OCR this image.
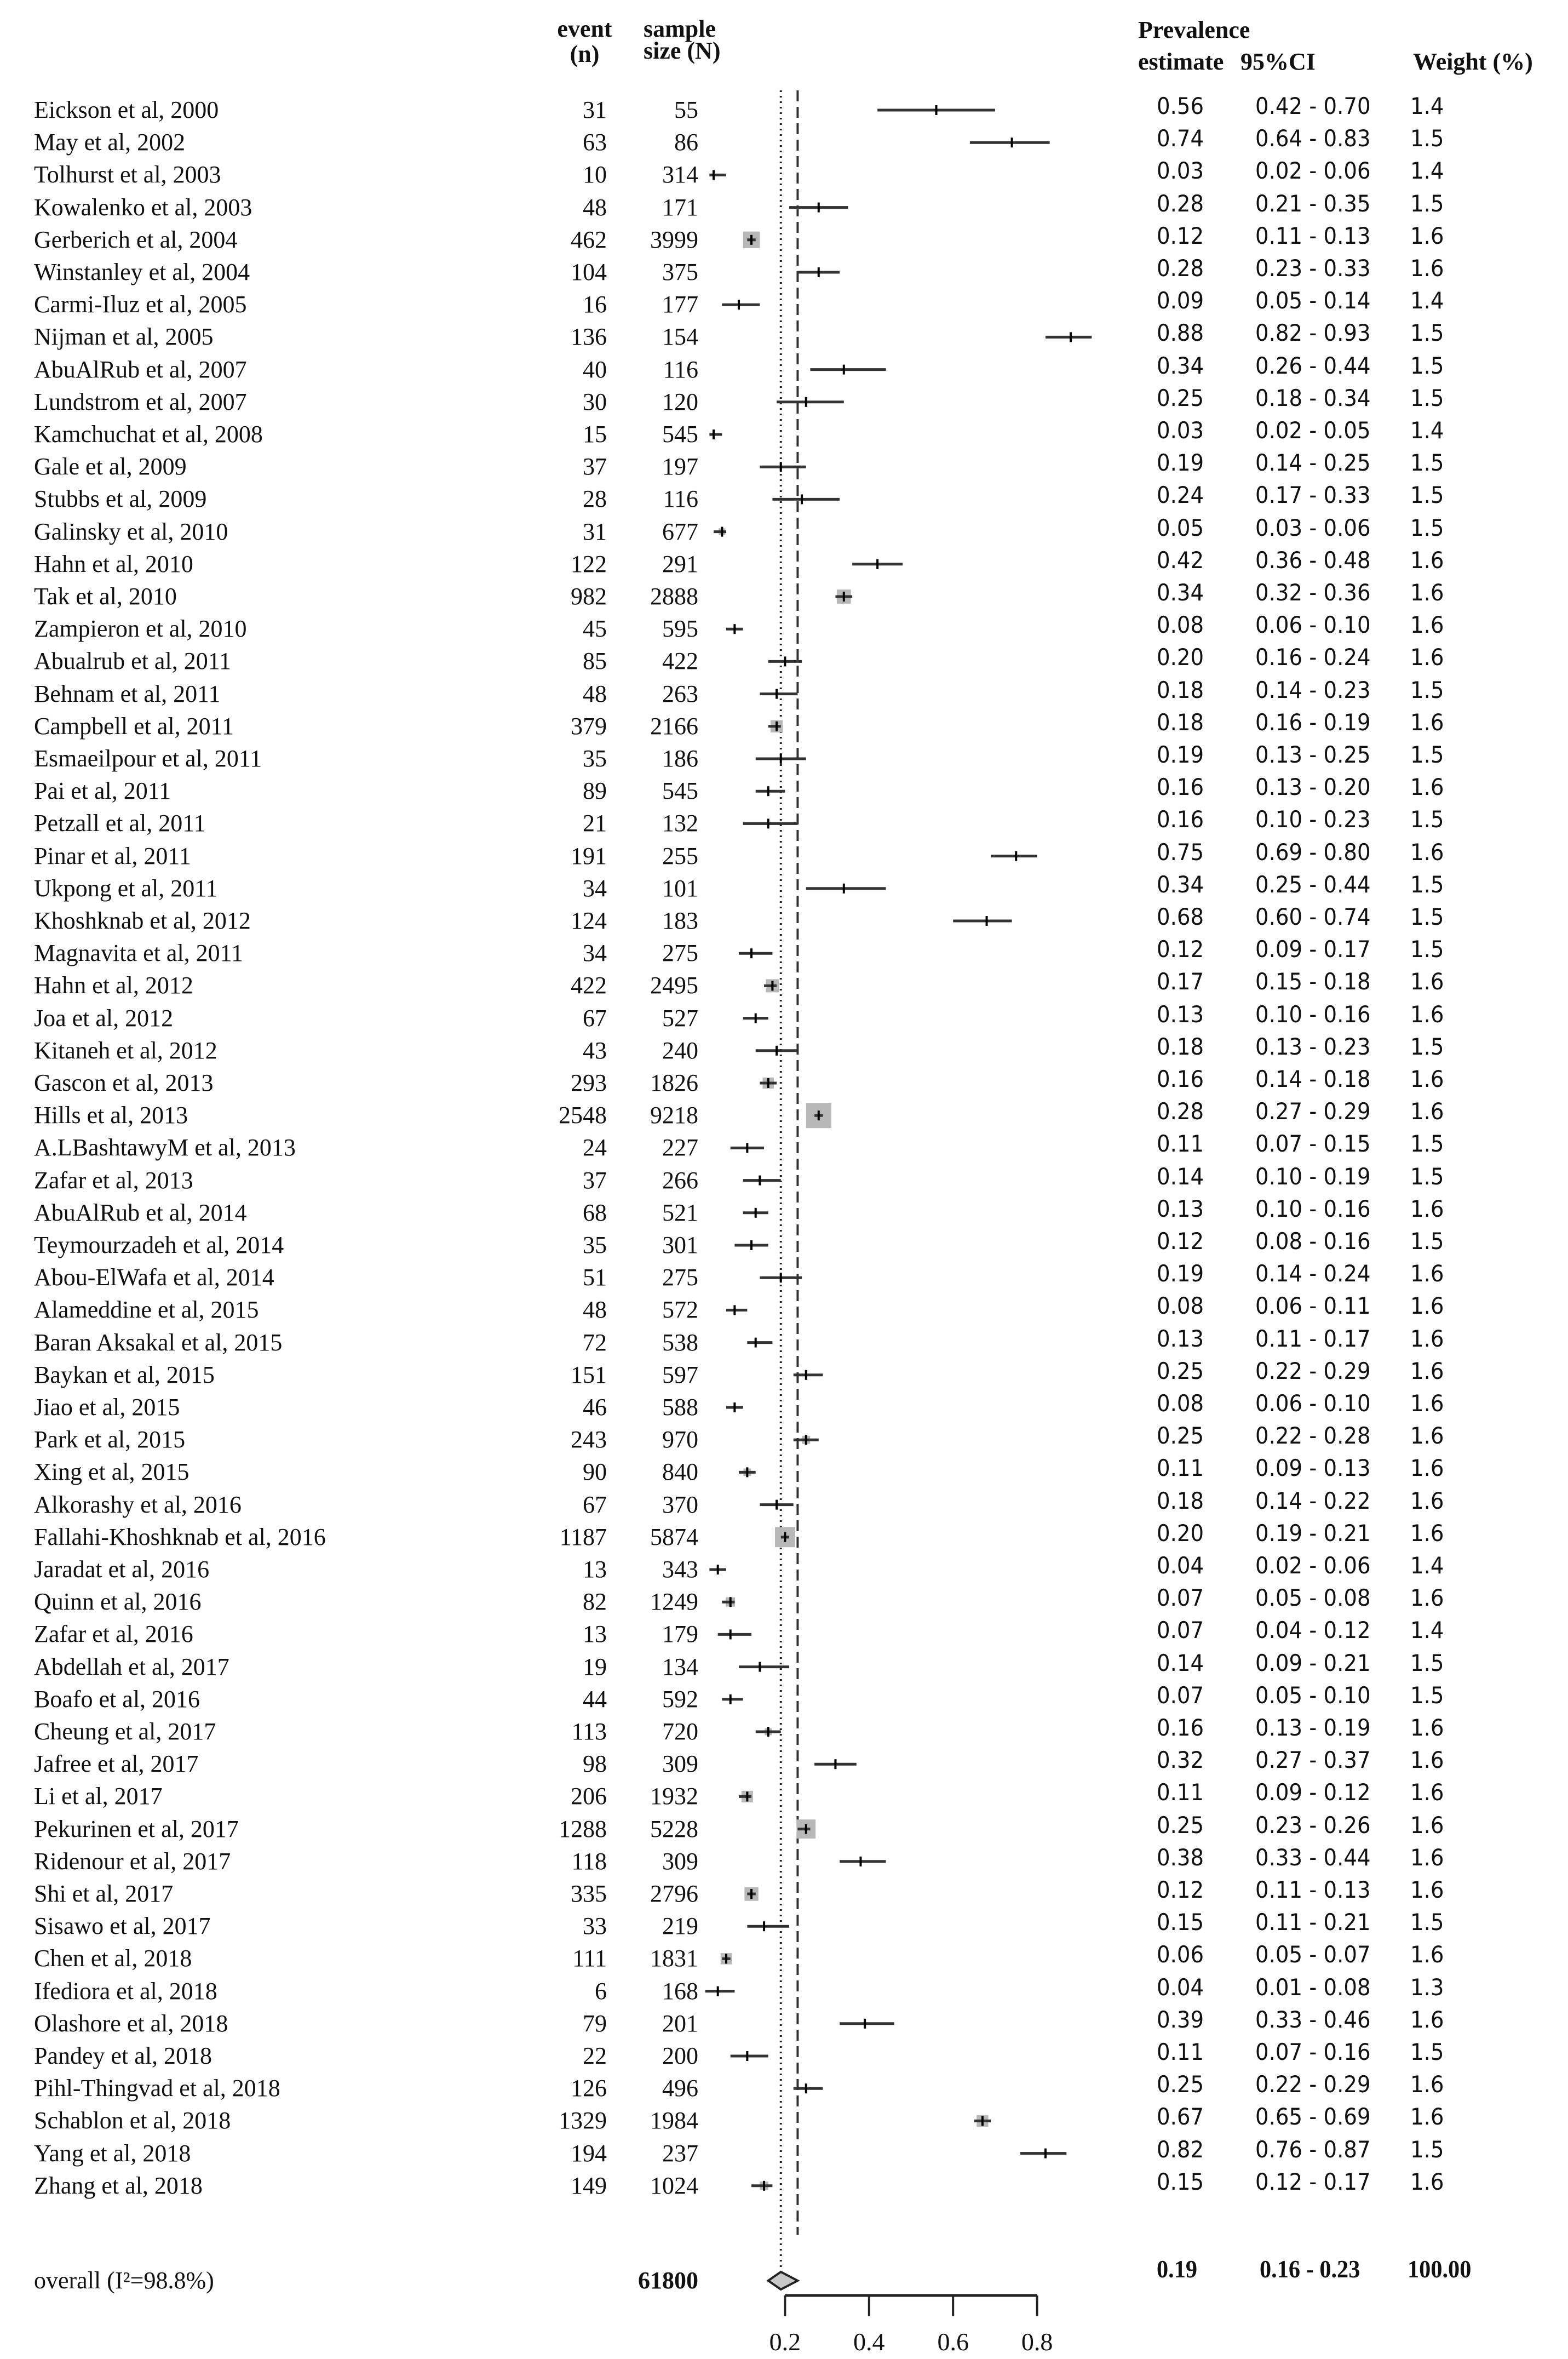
event
(n)
sample
size (N)
Prevalence
estimate 95%CI	Weight (%)
Eickson et al, 2000	31	55	0.56 0.42 - 0.70 1.4
May et al, 2002	63	86	0.74 0.64 - 0.83 1.5
Tolhurst et al, 2003	10	314	0.03 0.02 - 0.06 1.4
Kowalenko et al, 2003	48	171	0.28 0.21 - 0.35 1.5
Gerberich et al, 2004	462	3999	0.12 0.11 - 0.13 1.6
Winstanley et al, 2004	104	375	0.28 0.23 - 0.33 1.6
Carmi-Iluz et al, 2005	16	177	0.09 0.05 - 0.14 1.4
Nijman et al, 2005	136	154	0.88 0.82 - 0.93 1.5
AbuAlRub et al, 2007	40	116	0.34 0.26 - 0.44 1.5
Lundstrom et al, 2007	30	120	0.25 0.18 - 0.34 1.5
Kamchuchat et al, 2008	15	545	0.03 0.02 - 0.05 1.4
Gale et al, 2009	37	197	0.19 0.14 - 0.25 1.5
Stubbs et al, 2009	28	116	0.24 0.17 - 0.33 1.5
Galinsky et al, 2010	31	677	0.05 0.03 - 0.06 1.5
Hahn et al, 2010	122	291	0.42 0.36 - 0.48 1.6
Tak et al, 2010	982	2888	0.34 0.32 - 0.36 1.6
Zampieron et al, 2010	45	595	0.08 0.06 - 0.10 1.6
Abualrub et al, 2011	85	422	0.20 0.16 - 0.24 1.6
Behnam et al, 2011	48	263	0.18 0.14 - 0.23 1.5
Campbell et al, 2011	379	2166	0.18 0.16 - 0.19 1.6
Esmaeilpour et al, 2011	35	186	0.19 0.13 - 0.25 1.5
Pai et al, 2011	89	545	0.16 0.13 - 0.20 1.6
Petzall et al, 2011	21	132	0.16 0.10 - 0.23 1.5
Pinar et al, 2011	191	255	0.75 0.69 - 0.80 1.6
Ukpong et al, 2011	34	101	0.34 0.25 - 0.44 1.5
Khoshknab et al, 2012	124	183	0.68 0.60 - 0.74 1.5
Magnavita et al, 2011	34	275	0.12 0.09 - 0.17 1.5
Hahn et al, 2012	422	2495	0.17 0.15 - 0.18 1.6
Joa et al, 2012	67	527	0.13 0.10 - 0.16 1.6
Kitaneh et al, 2012	43	240	0.18 0.13 - 0.23 1.5
Gascon et al, 2013	293	1826	0.16 0.14 - 0.18 1.6
Hills et al, 2013	2548	9218	0.28 0.27 - 0.29 1.6
A.LBashtawyM et al, 2013	24	227	0.11 0.07 - 0.15 1.5
Zafar et al, 2013	37	266	0.14 0.10 - 0.19 1.5
AbuAlRub et al, 2014	68	521	0.13 0.10 - 0.16 1.6
Teymourzadeh et al, 2014	35	301	0.12 0.08 - 0.16 1.5
Abou-ElWafa et al, 2014	51	275	0.19 0.14 - 0.24 1.6
Alameddine et al, 2015	48	572	0.08 0.06 - 0.11 1.6
Baran Aksakal et al, 2015	72	538	0.13 0.11 - 0.17 1.6
Baykan et al, 2015	151	597	0.25 0.22 - 0.29 1.6
Jiao et al, 2015	46	588	0.08 0.06 - 0.10 1.6
Park et al, 2015	243	970	0.25 0.22 - 0.28 1.6
Xing et al, 2015	90	840	0.11 0.09 - 0.13 1.6
Alkorashy et al, 2016	67	370	0.18 0.14 - 0.22 1.6
Fallahi-Khoshknab et al, 2016	1187	5874	0.20 0.19 - 0.21 1.6
Jaradat et al, 2016	13	343	0.04 0.02 - 0.06 1.4
Quinn et al, 2016	82	1249	0.07 0.05 - 0.08 1.6
Zafar et al, 2016	13	179	0.07 0.04 - 0.12 1.4
Abdellah et al, 2017	19	134	0.14 0.09 - 0.21 1.5
Boafo et al, 2016	44	592	0.07 0.05 - 0.10 1.5
Cheung et al, 2017	113	720	0.16 0.13 - 0.19 1.6
Jafree et al, 2017	98	309	0.32 0.27 - 0.37 1.6
Li et al, 2017	206	1932	0.11 0.09 - 0.12 1.6
Pekurinen et al, 2017	1288	5228	0.25 0.23 - 0.26 1.6
Ridenour et al, 2017	118	309	0.38 0.33 - 0.44 1.6
Shi et al, 2017	335	2796	0.12 0.11 - 0.13 1.6
Sisawo et al, 2017	33	219	0.15 0.11 - 0.21 1.5
Chen et al, 2018	111	1831	0.06 0.05 - 0.07 1.6
Ifediora et al, 2018	6	168	0.04 0.01 - 0.08 1.3
Olashore et al, 2018	79	201	0.39 0.33 - 0.46 1.6
Pandey et al, 2018	22	200	0.11 0.07 - 0.16 1.5
Pihl-Thingvad et al, 2018	126	496	0.25 0.22 - 0.29 1.6
Schablon et al, 2018	1329	1984	0.67 0.65 - 0.69 1.6
Yang et al, 2018	194	237	0.82 0.76 - 0.87 1.5
Zhang et al, 2018	149	1024	0.15 0.12 - 0.17 1.6
overall (I²=98.8%)	61800	0.19 0.16 - 0.23 100.00
0.2 0.4 0.6 0.8
